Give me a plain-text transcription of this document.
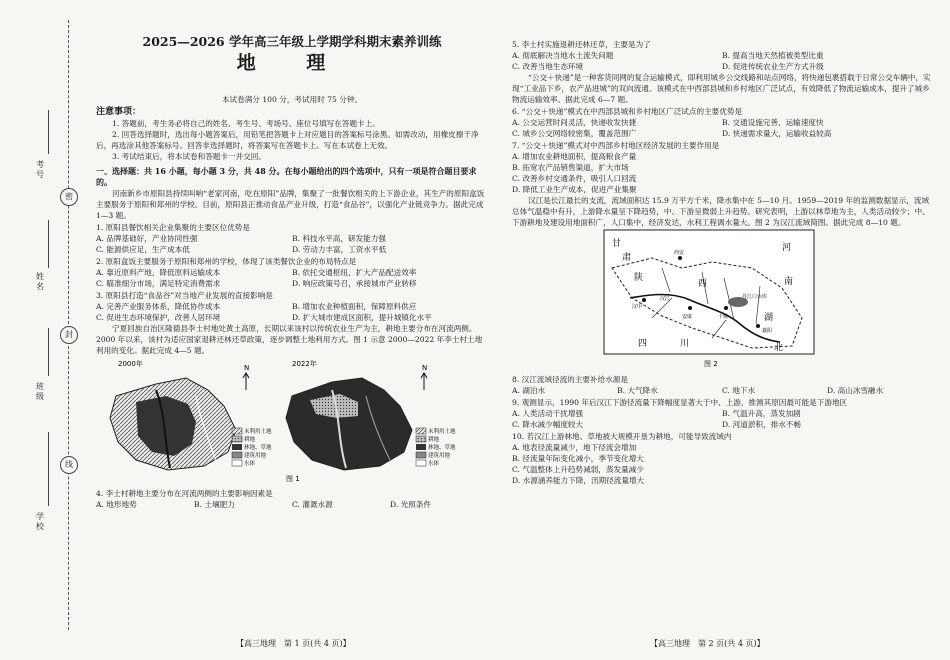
考号
密
姓名
封
班级
线
学校
2025—2026 学年高三年级上学期学科期末素养训练
地 理

本试卷满分 100 分，考试用时 75 分钟。

注意事项：

1. 答题前，考生务必将自己的姓名、考生号、考场号、座位号填写在答题卡上。

2. 回答选择题时，选出每小题答案后，用铅笔把答题卡上对应题目的答案标号涂黑。如需改动，用橡皮擦干净后，再选涂其他答案标号。回答非选择题时，将答案写在答题卡上。写在本试卷上无效。

3. 考试结束后，将本试卷和答题卡一并交回。

一、选择题：共 16 小题，每小题 3 分，共 48 分。在每小题给出的四个选项中，只有一项是符合题目要求的。

河南新乡市原阳县持续叫响“老家河南，吃在原阳”品牌，集聚了一批餐饮相关的上下游企业，其生产的原阳盒饭主要服务于原阳和郑州的学校。目前，原阳县正推动食品产业升级，打造“食品谷”，以强化产业链竞争力。据此完成 1—3 题。

1. 原阳县餐饮相关企业集聚的主要区位优势是

A. 品牌基础好，产业协同性强	B. 科技水平高，研发能力强
C. 能源供应足，生产成本低	D. 劳动力丰富，工资水平低

2. 原阳盒饭主要服务于原阳和郑州的学校，体现了该类餐饮企业的布局特点是

A. 靠近原料产地，降低原料运输成本	B. 依托交通枢纽，扩大产品配送效率
C. 瞄准细分市场，满足特定消费需求	D. 响应政策号召，承接城市产业转移

3. 原阳县打造“食品谷”对当地产业发展的直接影响是

A. 完善产业服务体系，降低协作成本	B. 增加农业种植面积，保障原料供应
C. 促进生态环境保护，改善人居环境	D. 扩大城市建成区面积，提升城镇化水平

宁夏回族自治区隆德县李士村地处黄土高原，长期以来该村以传统农业生产为主，耕地主要分布在河流两侧。2000 年以来，该村为适应国家退耕还林还草政策，逐步调整土地利用方式。图 1 示意 2000—2022 年李士村土地利用的变化。据此完成 4—5 题。

2000年	N
未利用土地
耕地
林地、草地
建筑用地
水体
2022年	N
未利用土地
耕地
林地、草地
建筑用地
水体
图 1

4. 李士村耕地主要分布在河流两侧的主要影响因素是

A. 地形地势	B. 土壤肥力	C. 灌溉水源	D. 光照条件
【高三地理　第 1 页(共 4 页)】

5. 李士村实施退耕还林还草，主要是为了

A. 彻底解决当地水土流失问题	B. 提高当地天然植被类型比重
C. 改善当地生态环境	D. 促进传统农业生产方式升级

“公交＋快递”是一种客货同网的复合运输模式，即利用城乡公交线路和站点网络，将快递包裹搭载于日常公交车辆中，实现“工业品下乡，农产品进城”的双向流通。该模式在中西部县城和乡村地区广泛试点，有效降低了物流运输成本，提升了城乡物流运输效率。据此完成 6—7 题。

6. “公交＋快递”模式在中西部县城和乡村地区广泛试点的主要优势是

A. 公交运营时间灵活，快递收发快捷	B. 交通设施完善，运输速度快
C. 城乡公交网络较密集，覆盖范围广	D. 快递需求量大，运输收益较高

7. “公交＋快递”模式对中西部乡村地区经济发展的主要作用是

A. 增加农业耕地面积，提高粮食产量
B. 拓宽农产品销售渠道，扩大市场
C. 改善乡村交通条件，吸引人口回流
D. 降低工业生产成本，促进产业集聚

汉江是长江最长的支流，流域面积达 15.9 万平方千米，降水集中在 5—10 月。1959—2019 年的监测数据显示，流域总体气温稳中有升，上游降水量呈下降趋势，中、下游呈微弱上升趋势。研究表明，上游以林草地为主，人类活动较少；中、下游耕地及建设用地面积广，人口集中，经济发达，水利工程调水量大。图 2 为汉江流域简图。据此完成 8—10 题。

甘
肃
河
陕
西	南
四	川
湖
北
汉中
安康	十堰
丹江口水库
襄阳
西安
汉江
图 2

8. 汉江流域径流的主要补给水源是

A. 湖泊水	B. 大气降水	C. 地下水	D. 高山冰雪融水

9. 观测显示，1990 年后汉江下游径流量下降幅度显著大于中、上游，推测其原因最可能是下游地区

A. 人类活动干扰增强	B. 气温升高，蒸发加剧
C. 降水减少幅度较大	D. 河道淤积，排水不畅

10. 若汉江上游林地、草地被大规模开垦为耕地，可能导致流域内

A. 地表径流量减少，地下径流会增加
B. 径流量年际变化减小，季节变化增大
C. 气温整体上升趋势减弱，蒸发量减少
D. 水源涵养能力下降，汛期径流量增大
【高三地理　第 2 页(共 4 页)】
